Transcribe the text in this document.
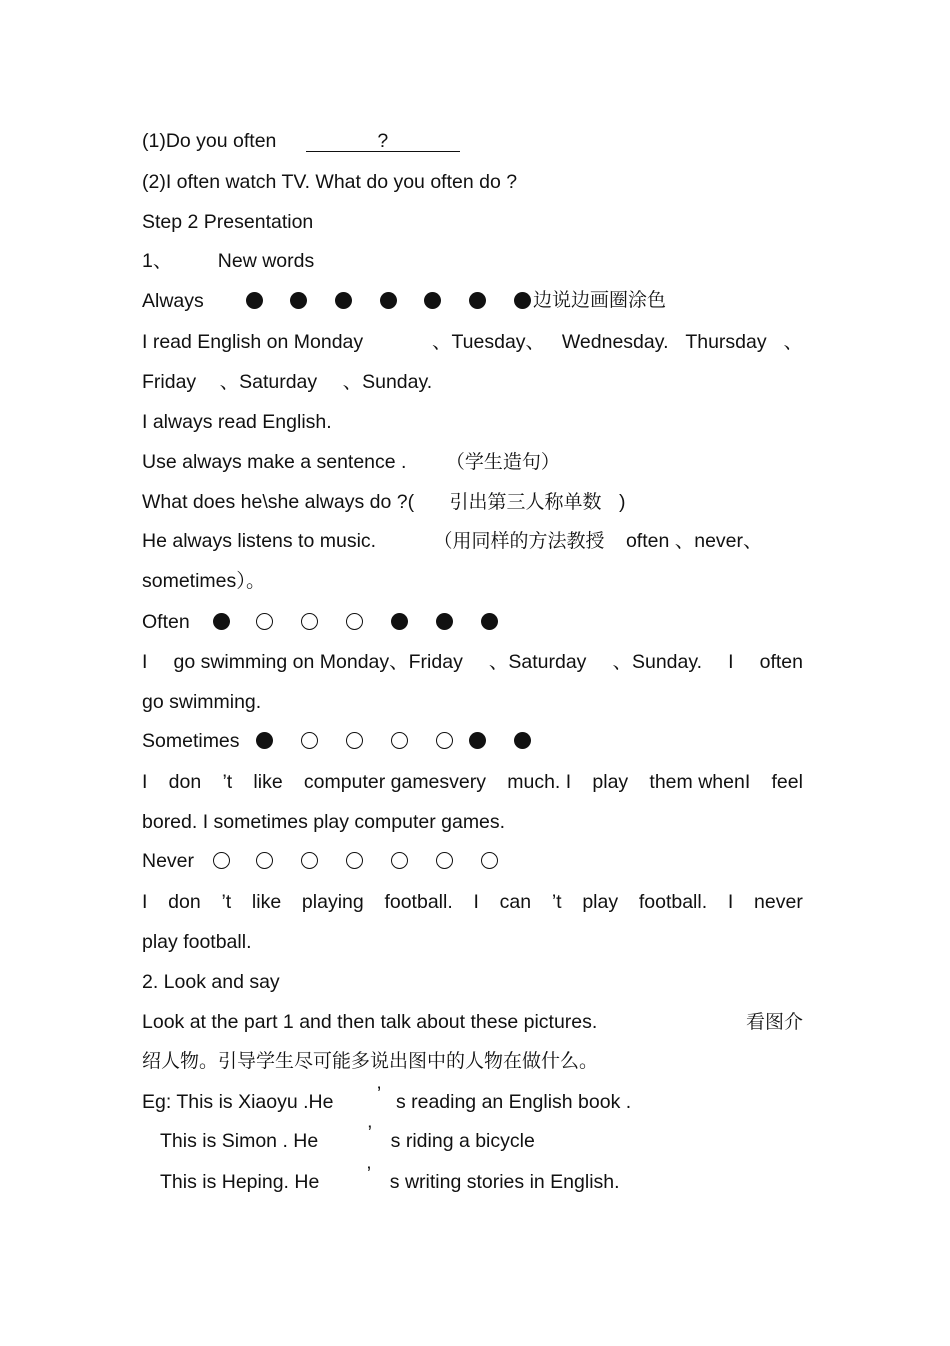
(1)Do you often	?
(2)I often watch TV. What do you often do ?
Step 2 Presentation
1、 New words
Always	边说边画圈涂色
I read English on Monday	、Tuesday、 Wednesday. Thursday 、
Friday 、Saturday 、Sunday.
I always read English.
Use always make a sentence . （学生造句）
What does he\she always do ?( 引出第三人称单数 )
He always listens to music.	（用同样的方法教授 often 、never、
sometimes）。
Often
I go swimming on Monday、Friday 、Saturday 、Sunday. I often
go swimming.
Sometimes
I don ’t like computer gamesvery much. I play them whenI feel
bored. I sometimes play computer games.
Never
I don ’t like playing football. I can ’t play football. I never
play football.
2. Look and say
Look at the part 1 and then talk about these pictures.	看图介
绍人物。引导学生尽可能多说出图中的人物在做什么。
Eg: This is Xiaoyu .He ’ s reading an English book .
This is Simon . He	’ s riding a bicycle
This is Heping. He ’ s writing stories in English.
